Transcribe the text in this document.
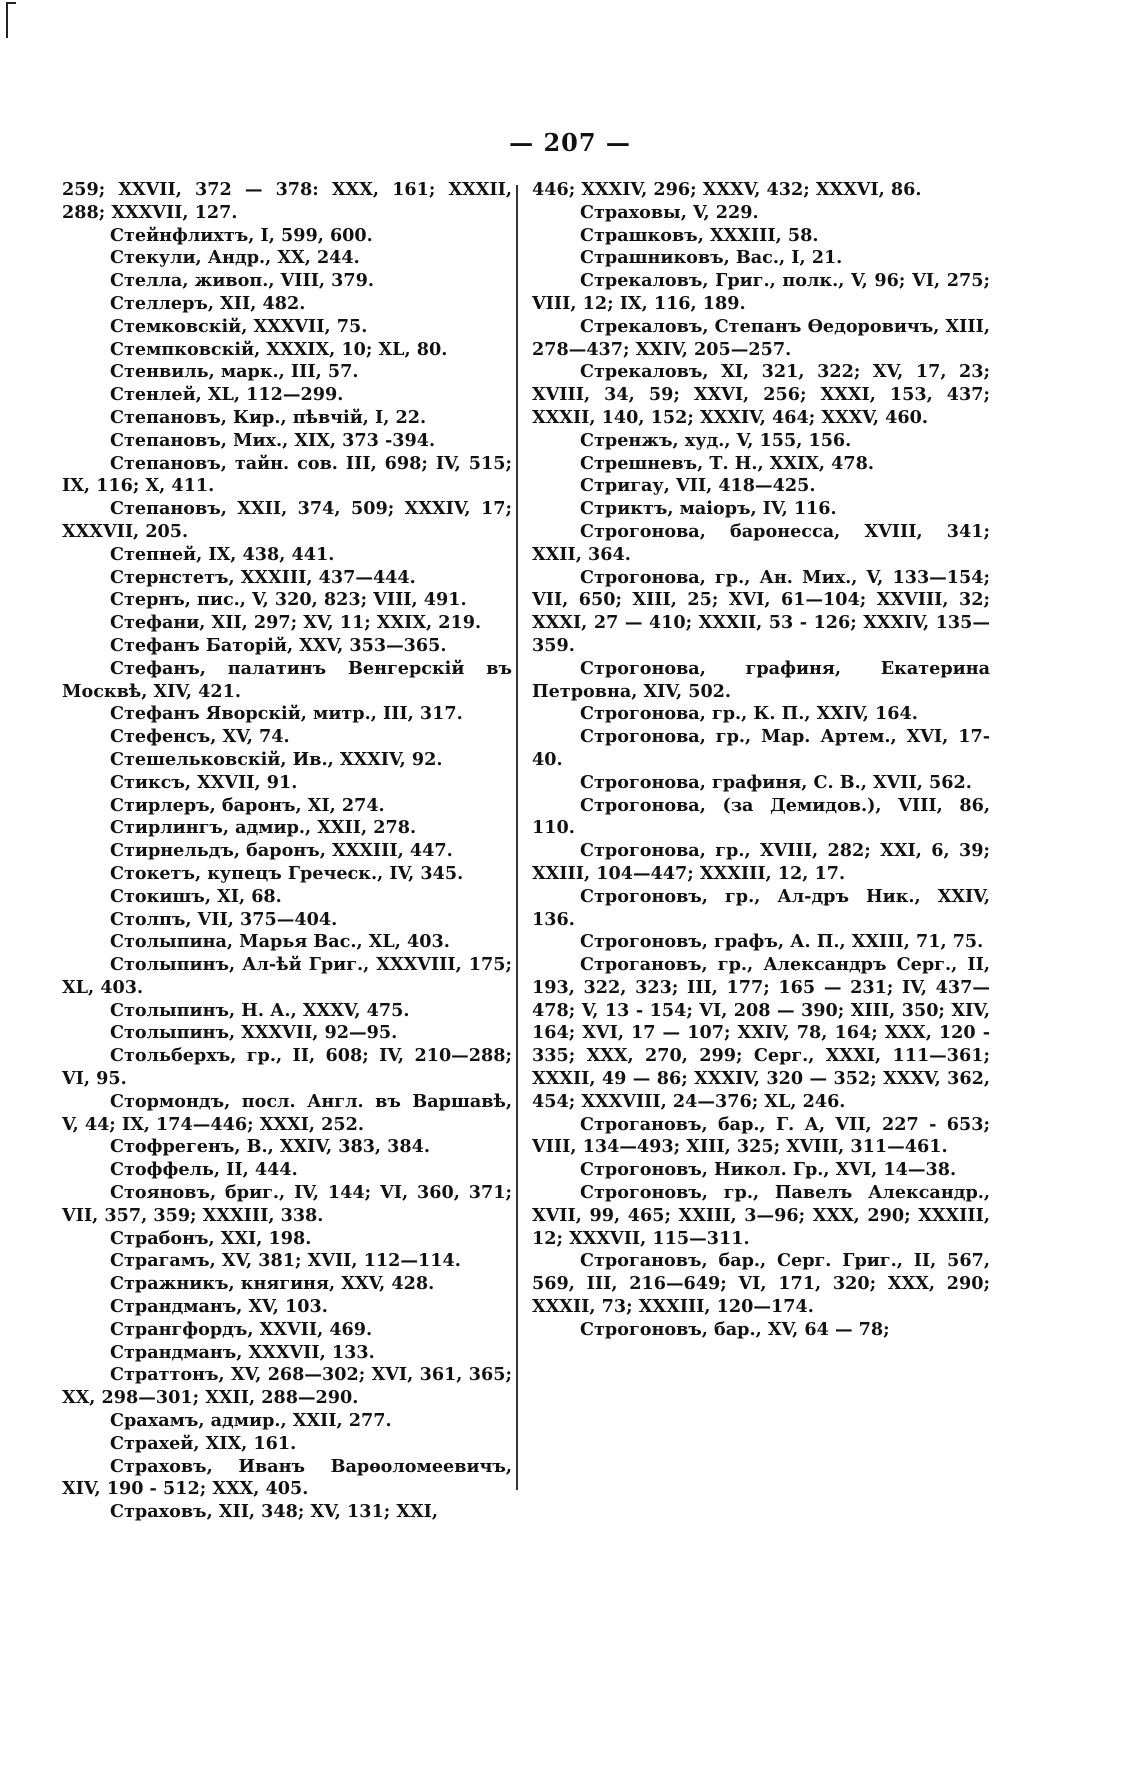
— 207 —
259; XXVII, 372 — 378: XXX, 161; XXXII, 288; XXXVII, 127.
Стейнфлихтъ, I, 599, 600.
Стекули, Андр., XX, 244.
Стелла, живоп., VIII, 379.
Стеллеръ, XII, 482.
Стемковскій, XXXVII, 75.
Стемпковскій, XXXIX, 10; XL, 80.
Стенвиль, марк., III, 57.
Стенлей, XL, 112—299.
Степановъ, Кир., пѣвчій, I, 22.
Степановъ, Мих., XIX, 373 -394.
Степановъ, тайн. сов. III, 698; IV, 515; IX, 116; X, 411.
Степановъ, XXII, 374, 509; XXXIV, 17; XXXVII, 205.
Степней, IX, 438, 441.
Стернстетъ, XXXIII, 437—444.
Стернъ, пис., V, 320, 823; VIII, 491.
Стефани, XII, 297; XV, 11; XXIX, 219.
Стефанъ Баторій, XXV, 353—365.
Стефанъ, палатинъ Венгерскій въ Москвѣ, XIV, 421.
Стефанъ Яворскій, митр., III, 317.
Стефенсъ, XV, 74.
Стешельковскій, Ив., XXXIV, 92.
Стиксъ, XXVII, 91.
Стирлеръ, баронъ, XI, 274.
Стирлингъ, адмир., XXII, 278.
Стирнельдъ, баронъ, XXXIII, 447.
Стокетъ, купецъ Греческ., IV, 345.
Стокишъ, XI, 68.
Столпъ, VII, 375—404.
Столыпина, Марья Вас., XL, 403.
Столыпинъ, Ал-ѣй Григ., XXXVIII, 175; XL, 403.
Столыпинъ, Н. А., XXXV, 475.
Столыпинъ, XXXVII, 92—95.
Стольберхъ, гр., II, 608; IV, 210—288; VI, 95.
Стормондъ, посл. Англ. въ Варшавѣ, V, 44; IX, 174—446; XXXI, 252.
Стофрегенъ, В., XXIV, 383, 384.
Стоффель, II, 444.
Стояновъ, бриг., IV, 144; VI, 360, 371; VII, 357, 359; XXXIII, 338.
Страбонъ, XXI, 198.
Страгамъ, XV, 381; XVII, 112—114.
Стражникъ, княгиня, XXV, 428.
Страндманъ, XV, 103.
Странгфордъ, XXVII, 469.
Страндманъ, XXXVII, 133.
Страттонъ, XV, 268—302; XVI, 361, 365; XX, 298—301; XXII, 288—290.
Срахамъ, адмир., XXII, 277.
Страхей, XIX, 161.
Страховъ, Иванъ Варѳоломеевичъ, XIV, 190 - 512; XXX, 405.
Страховъ, XII, 348; XV, 131; XXI,
446; XXXIV, 296; XXXV, 432; XXXVI, 86.
Страховы, V, 229.
Страшковъ, XXXIII, 58.
Страшниковъ, Вас., I, 21.
Стрекаловъ, Григ., полк., V, 96; VI, 275; VIII, 12; IX, 116, 189.
Стрекаловъ, Степанъ Ѳедоровичъ, XIII, 278—437; XXIV, 205—257.
Стрекаловъ, XI, 321, 322; XV, 17, 23; XVIII, 34, 59; XXVI, 256; XXXI, 153, 437; XXXII, 140, 152; XXXIV, 464; XXXV, 460.
Стренжъ, худ., V, 155, 156.
Стрешневъ, Т. Н., XXIX, 478.
Стригау, VII, 418—425.
Стриктъ, маіоръ, IV, 116.
Строгонова, баронесса, XVIII, 341; XXII, 364.
Строгонова, гр., Ан. Мих., V, 133—154; VII, 650; XIII, 25; XVI, 61—104; XXVIII, 32; XXXI, 27 — 410; XXXII, 53 - 126; XXXIV, 135—359.
Строгонова, графиня, Екатерина Петровна, XIV, 502.
Строгонова, гр., К. П., XXIV, 164.
Строгонова, гр., Мар. Артем., XVI, 17- 40.
Строгонова, графиня, С. В., XVII, 562.
Строгонова, (за Демидов.), VIII, 86, 110.
Строгонова, гр., XVIII, 282; XXI, 6, 39; XXIII, 104—447; XXXIII, 12, 17.
Строгоновъ, гр., Ал-дръ Ник., XXIV, 136.
Строгоновъ, графъ, А. П., XXIII, 71, 75.
Строгановъ, гр., Александръ Серг., II, 193, 322, 323; III, 177; 165 — 231; IV, 437—478; V, 13 - 154; VI, 208 — 390; XIII, 350; XIV, 164; XVI, 17 — 107; XXIV, 78, 164; XXX, 120 - 335; XXX, 270, 299; Серг., XXXI, 111—361; XXXII, 49 — 86; XXXIV, 320 — 352; XXXV, 362, 454; XXXVIII, 24—376; XL, 246.
Строгановъ, бар., Г. А, VII, 227 - 653; VIII, 134—493; XIII, 325; XVIII, 311—461.
Строгоновъ, Никол. Гр., XVI, 14—38.
Строгоновъ, гр., Павелъ Александр., XVII, 99, 465; XXIII, 3—96; XXX, 290; XXXIII, 12; XXXVII, 115—311.
Строгановъ, бар., Серг. Григ., II, 567, 569, III, 216—649; VI, 171, 320; XXX, 290; XXXII, 73; XXXIII, 120—174.
Строгоновъ, бар., XV, 64 — 78;
